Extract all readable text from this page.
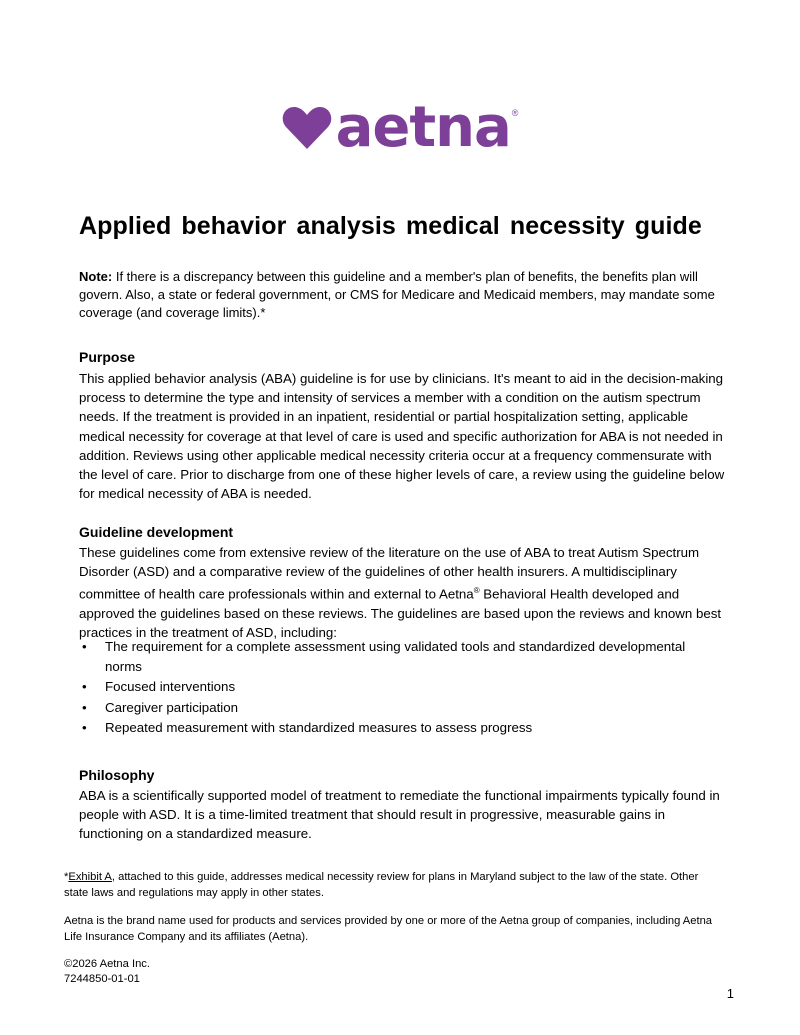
aetna ®
Applied behavior analysis medical necessity guide

Note: If there is a discrepancy between this guideline and a member's plan of benefits, the benefits plan will govern. Also, a state or federal government, or CMS for Medicare and Medicaid members, may mandate some coverage (and coverage limits).*

Purpose

This applied behavior analysis (ABA) guideline is for use by clinicians. It's meant to aid in the decision-making process to determine the type and intensity of services a member with a condition on the autism spectrum needs. If the treatment is provided in an inpatient, residential or partial hospitalization setting, applicable medical necessity for coverage at that level of care is used and specific authorization for ABA is not needed in addition. Reviews using other applicable medical necessity criteria occur at a frequency commensurate with the level of care. Prior to discharge from one of these higher levels of care, a review using the guideline below for medical necessity of ABA is needed.

Guideline development

These guidelines come from extensive review of the literature on the use of ABA to treat Autism Spectrum Disorder (ASD) and a comparative review of the guidelines of other health insurers. A multidisciplinary committee of health care professionals within and external to Aetna® Behavioral Health developed and approved the guidelines based on these reviews. The guidelines are based upon the reviews and known best practices in the treatment of ASD, including:

• The requirement for a complete assessment using validated tools and standardized developmental norms
• Focused interventions
• Caregiver participation
• Repeated measurement with standardized measures to assess progress
Philosophy

ABA is a scientifically supported model of treatment to remediate the functional impairments typically found in people with ASD. It is a time-limited treatment that should result in progressive, measurable gains in functioning on a standardized measure.

*Exhibit A, attached to this guide, addresses medical necessity review for plans in Maryland subject to the law of the state. Other state laws and regulations may apply in other states.

Aetna is the brand name used for products and services provided by one or more of the Aetna group of companies, including Aetna Life Insurance Company and its affiliates (Aetna).

©2026 Aetna Inc.

7244850-01-01

1
